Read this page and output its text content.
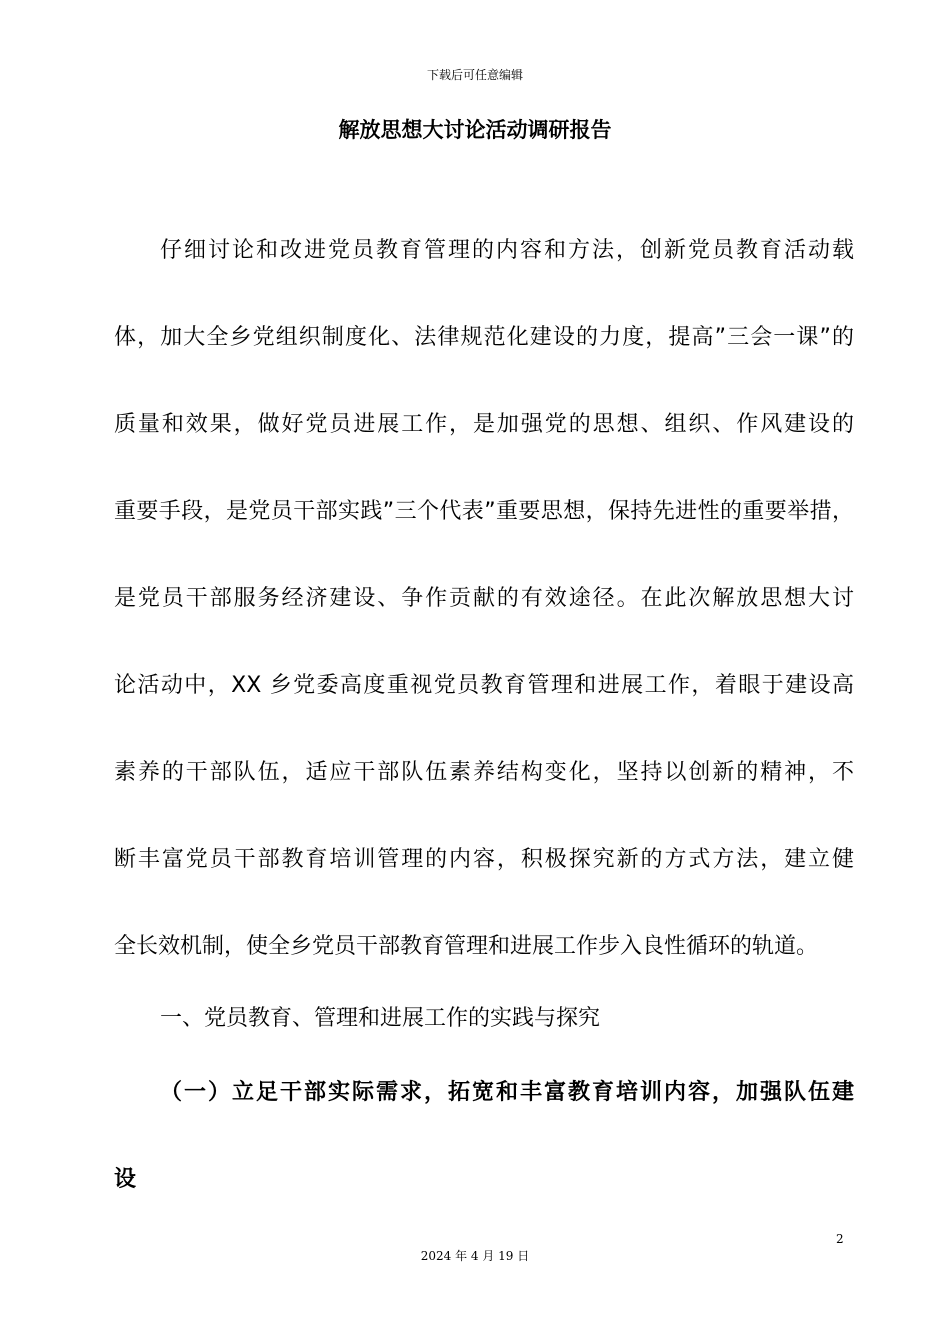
下载后可任意编辑
解放思想大讨论活动调研报告
仔细讨论和改进党员教育管理的内容和方法，创新党员教育活动载
体，加大全乡党组织制度化、法律规范化建设的力度，提高”三会一课”的
质量和效果，做好党员进展工作，是加强党的思想、组织、作风建设的
重要手段，是党员干部实践”三个代表”重要思想，保持先进性的重要举措，
是党员干部服务经济建设、争作贡献的有效途径。在此次解放思想大讨
论活动中，XX 乡党委高度重视党员教育管理和进展工作，着眼于建设高
素养的干部队伍，适应干部队伍素养结构变化，坚持以创新的精神，不
断丰富党员干部教育培训管理的内容，积极探究新的方式方法，建立健
全长效机制，使全乡党员干部教育管理和进展工作步入良性循环的轨道。
一、党员教育、管理和进展工作的实践与探究
（一）立足干部实际需求，拓宽和丰富教育培训内容，加强队伍建
设
2
2024 年 4 月 19 日
